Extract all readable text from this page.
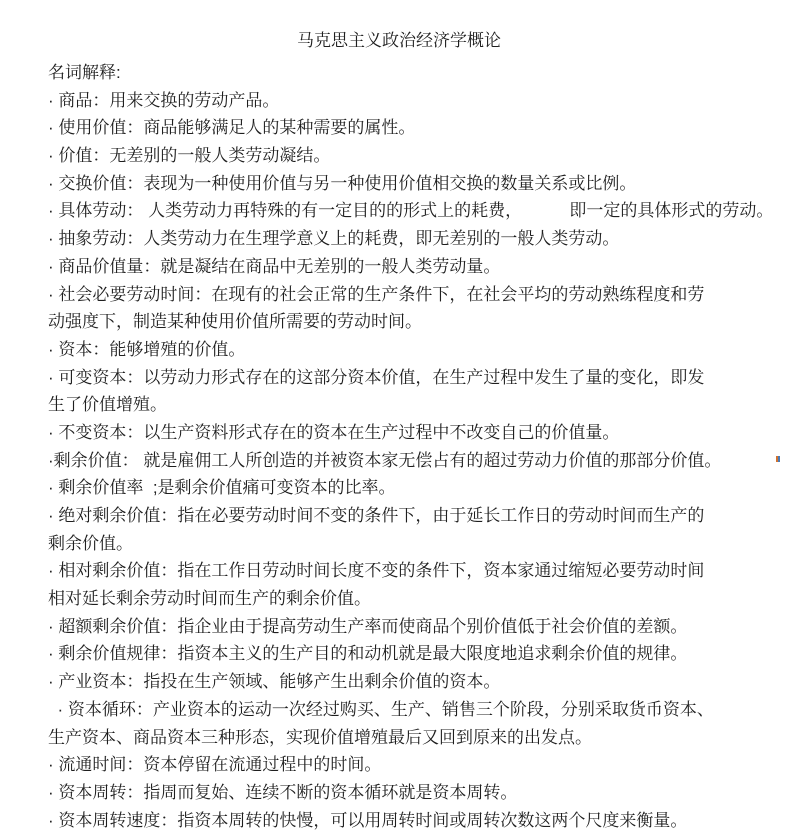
马克思主义政治经济学概论
名词解释:
· 商品：用来交换的劳动产品。
· 使用价值：商品能够满足人的某种需要的属性。
· 价值：无差别的一般人类劳动凝结。
· 交换价值：表现为一种使用价值与另一种使用价值相交换的数量关系或比例。
· 具体劳动： 人类劳动力再特殊的有一定目的的形式上的耗费，　　　 即一定的具体形式的劳动。
· 抽象劳动：人类劳动力在生理学意义上的耗费，即无差别的一般人类劳动。
· 商品价值量：就是凝结在商品中无差别的一般人类劳动量。
· 社会必要劳动时间：在现有的社会正常的生产条件下，在社会平均的劳动熟练程度和劳
动强度下，制造某种使用价值所需要的劳动时间。
· 资本：能够增殖的价值。
· 可变资本：以劳动力形式存在的这部分资本价值，在生产过程中发生了量的变化，即发
生了价值增殖。
· 不变资本：以生产资料形式存在的资本在生产过程中不改变自己的价值量。
·剩余价值： 就是雇佣工人所创造的并被资本家无偿占有的超过劳动力价值的那部分价值。
· 剩余价值率  ;是剩余价值痛可变资本的比率。
· 绝对剩余价值：指在必要劳动时间不变的条件下，由于延长工作日的劳动时间而生产的
剩余价值。
· 相对剩余价值：指在工作日劳动时间长度不变的条件下，资本家通过缩短必要劳动时间
相对延长剩余劳动时间而生产的剩余价值。
· 超额剩余价值：指企业由于提高劳动生产率而使商品个别价值低于社会价值的差额。
· 剩余价值规律：指资本主义的生产目的和动机就是最大限度地追求剩余价值的规律。
· 产业资本：指投在生产领域、能够产生出剩余价值的资本。
· 资本循环：产业资本的运动一次经过购买、生产、销售三个阶段，分别采取货币资本、
生产资本、商品资本三种形态，实现价值增殖最后又回到原来的出发点。
· 流通时间：资本停留在流通过程中的时间。
· 资本周转：指周而复始、连续不断的资本循环就是资本周转。
· 资本周转速度：指资本周转的快慢，可以用周转时间或周转次数这两个尺度来衡量。
